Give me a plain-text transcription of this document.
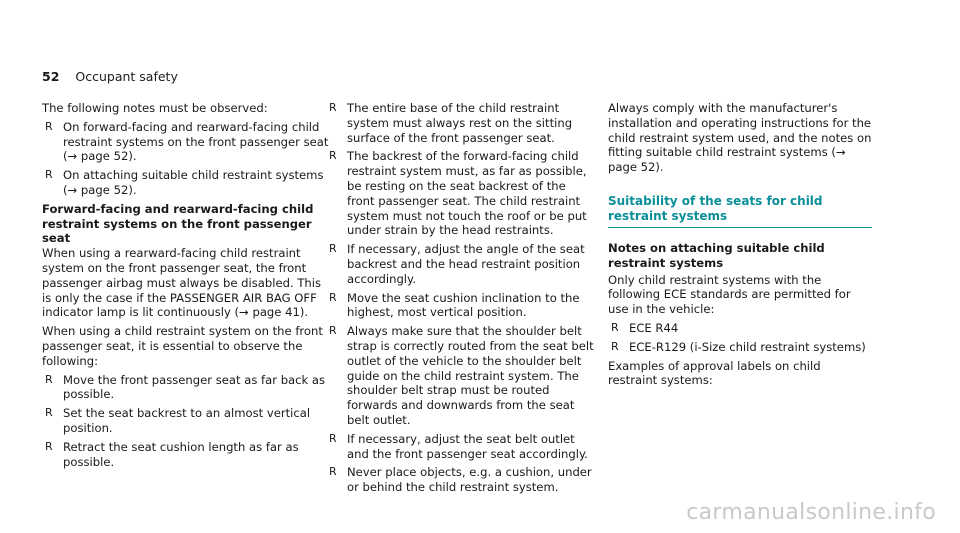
52 Occupant safety

The following notes must be observed:

R On forward-facing and rearward-facing child restraint systems on the front passenger seat (→ page 52).
R On attaching suitable child restraint systems (→ page 52).
Forward-facing and rearward-facing child restraint systems on the front passenger seat

When using a rearward-facing child restraint system on the front passenger seat, the front passenger airbag must always be disabled. This is only the case if the PASSENGER AIR BAG OFF indicator lamp is lit continuously (→ page 41).

When using a child restraint system on the front passenger seat, it is essential to observe the following:

R Move the front passenger seat as far back as possible.
R Set the seat backrest to an almost vertical position.
R Retract the seat cushion length as far as possible.
R The entire base of the child restraint system must always rest on the sitting surface of the front passenger seat.
R The backrest of the forward-facing child restraint system must, as far as possible, be resting on the seat backrest of the front passenger seat. The child restraint system must not touch the roof or be put under strain by the head restraints.
R If necessary, adjust the angle of the seat backrest and the head restraint position accordingly.
R Move the seat cushion inclination to the highest, most vertical position.
R Always make sure that the shoulder belt strap is correctly routed from the seat belt outlet of the vehicle to the shoulder belt guide on the child restraint system. The shoulder belt strap must be routed forwards and downwards from the seat belt outlet.
R If necessary, adjust the seat belt outlet and the front passenger seat accordingly.
R Never place objects, e.g. a cushion, under or behind the child restraint system.

Always comply with the manufacturer's installation and operating instructions for the child restraint system used, and the notes on fitting suitable child restraint systems (→ page 52).

Suitability of the seats for child restraint systems
Notes on attaching suitable child restraint systems

Only child restraint systems with the following ECE standards are permitted for use in the vehicle:

R ECE R44
R ECE-R129 (i-Size child restraint systems)

Examples of approval labels on child restraint systems:

carmanualsonline.info
